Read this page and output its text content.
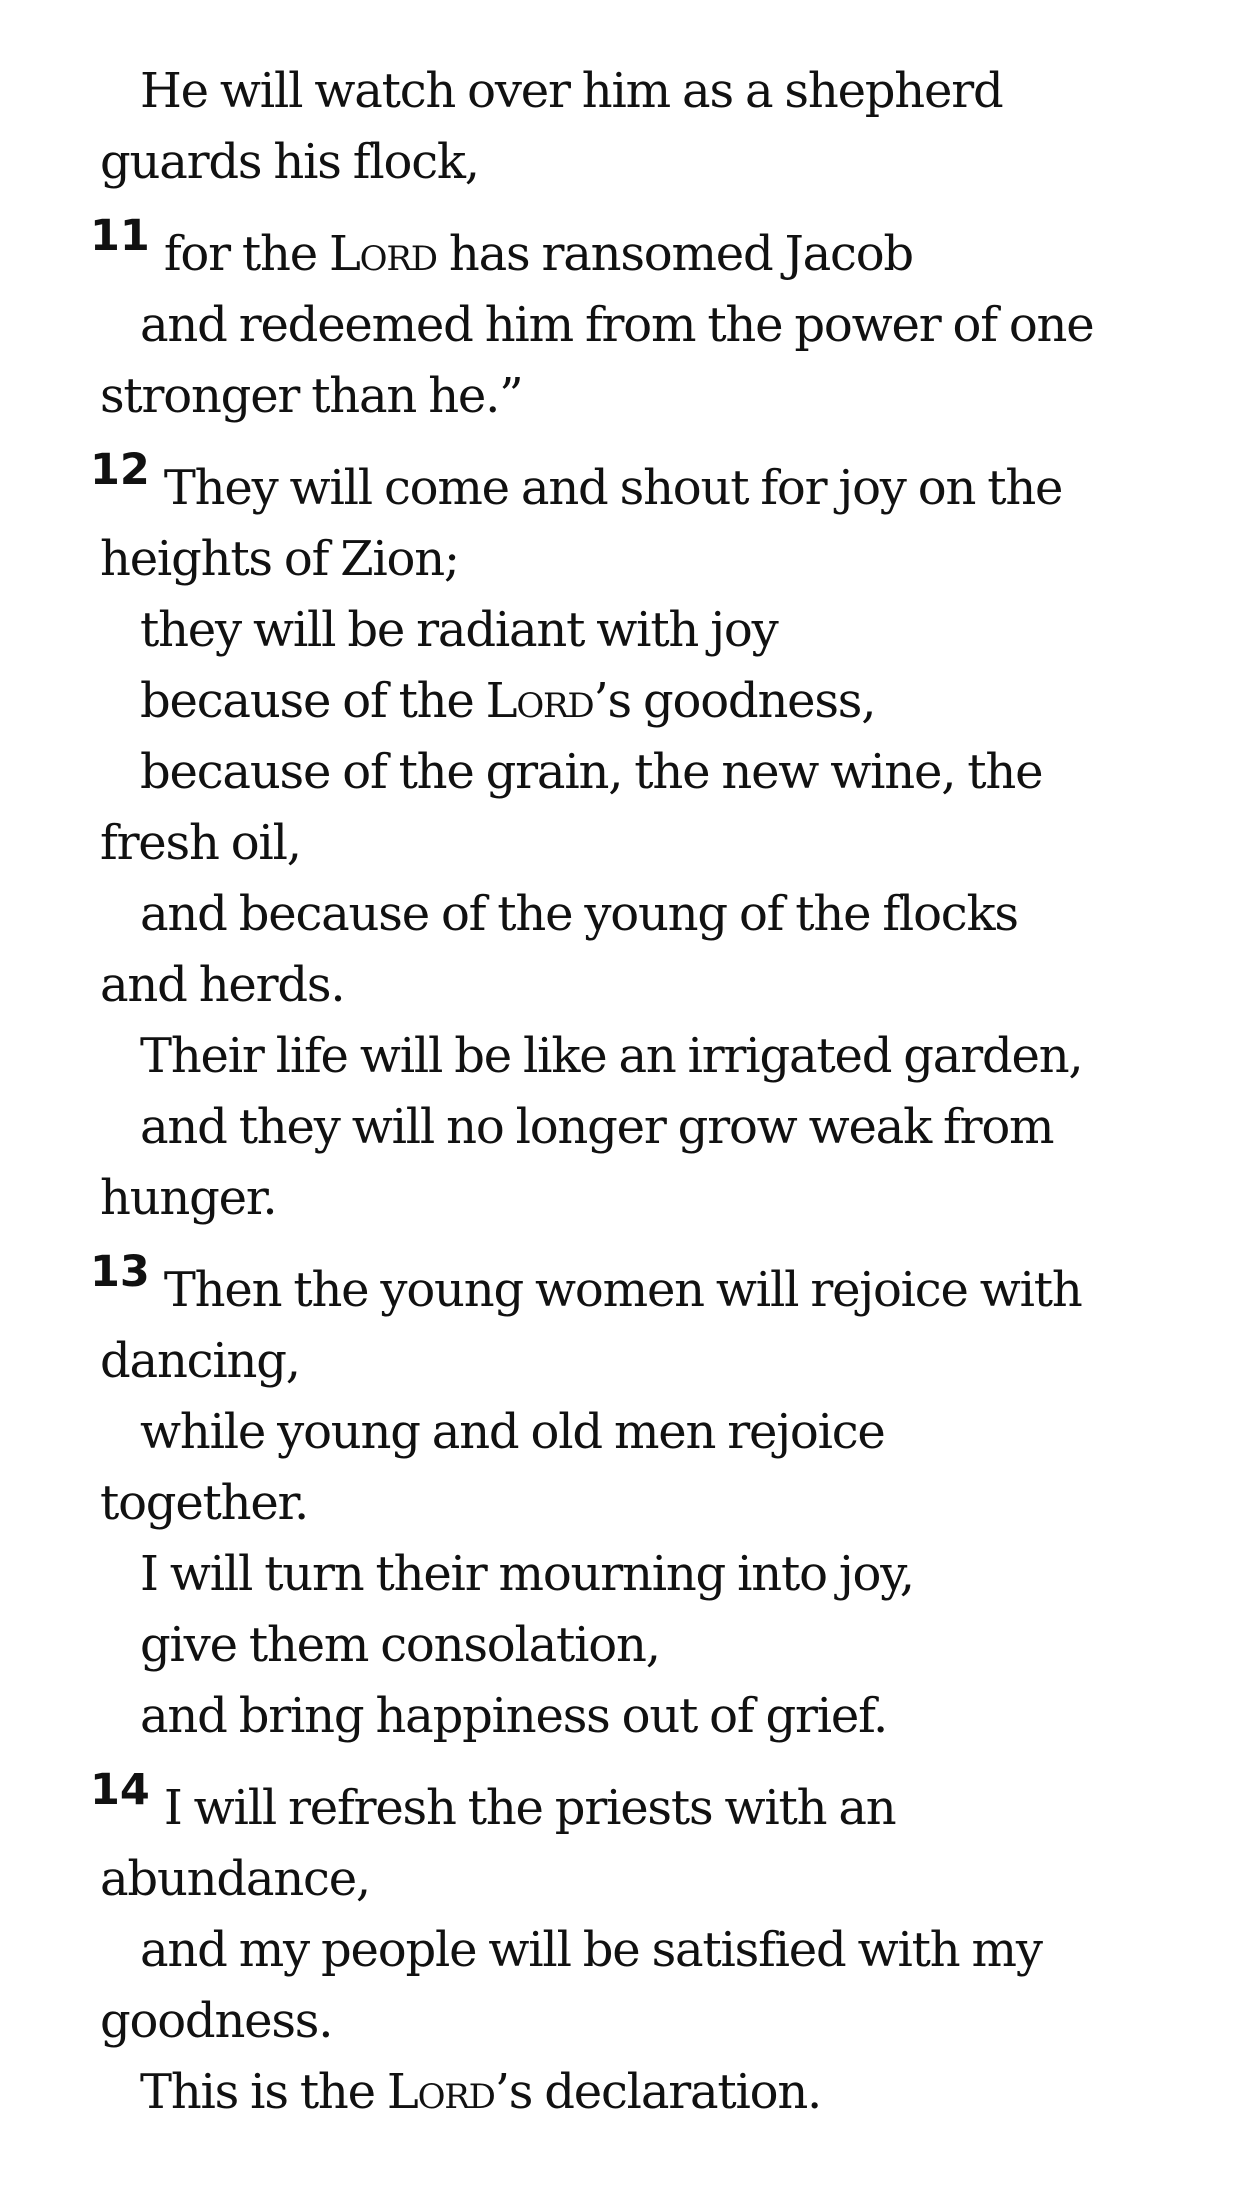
He will watch over him as a shepherd
guards his flock,
11 for the Lord has ransomed Jacob
and redeemed him from the power of one
stronger than he.”
12 They will come and shout for joy on the
heights of Zion;
they will be radiant with joy
because of the Lord’s goodness,
because of the grain, the new wine, the
fresh oil,
and because of the young of the flocks
and herds.
Their life will be like an irrigated garden,
and they will no longer grow weak from
hunger.
13 Then the young women will rejoice with
dancing,
while young and old men rejoice
together.
I will turn their mourning into joy,
give them consolation,
and bring happiness out of grief.
14 I will refresh the priests with an
abundance,
and my people will be satisfied with my
goodness.
This is the Lord’s declaration.
